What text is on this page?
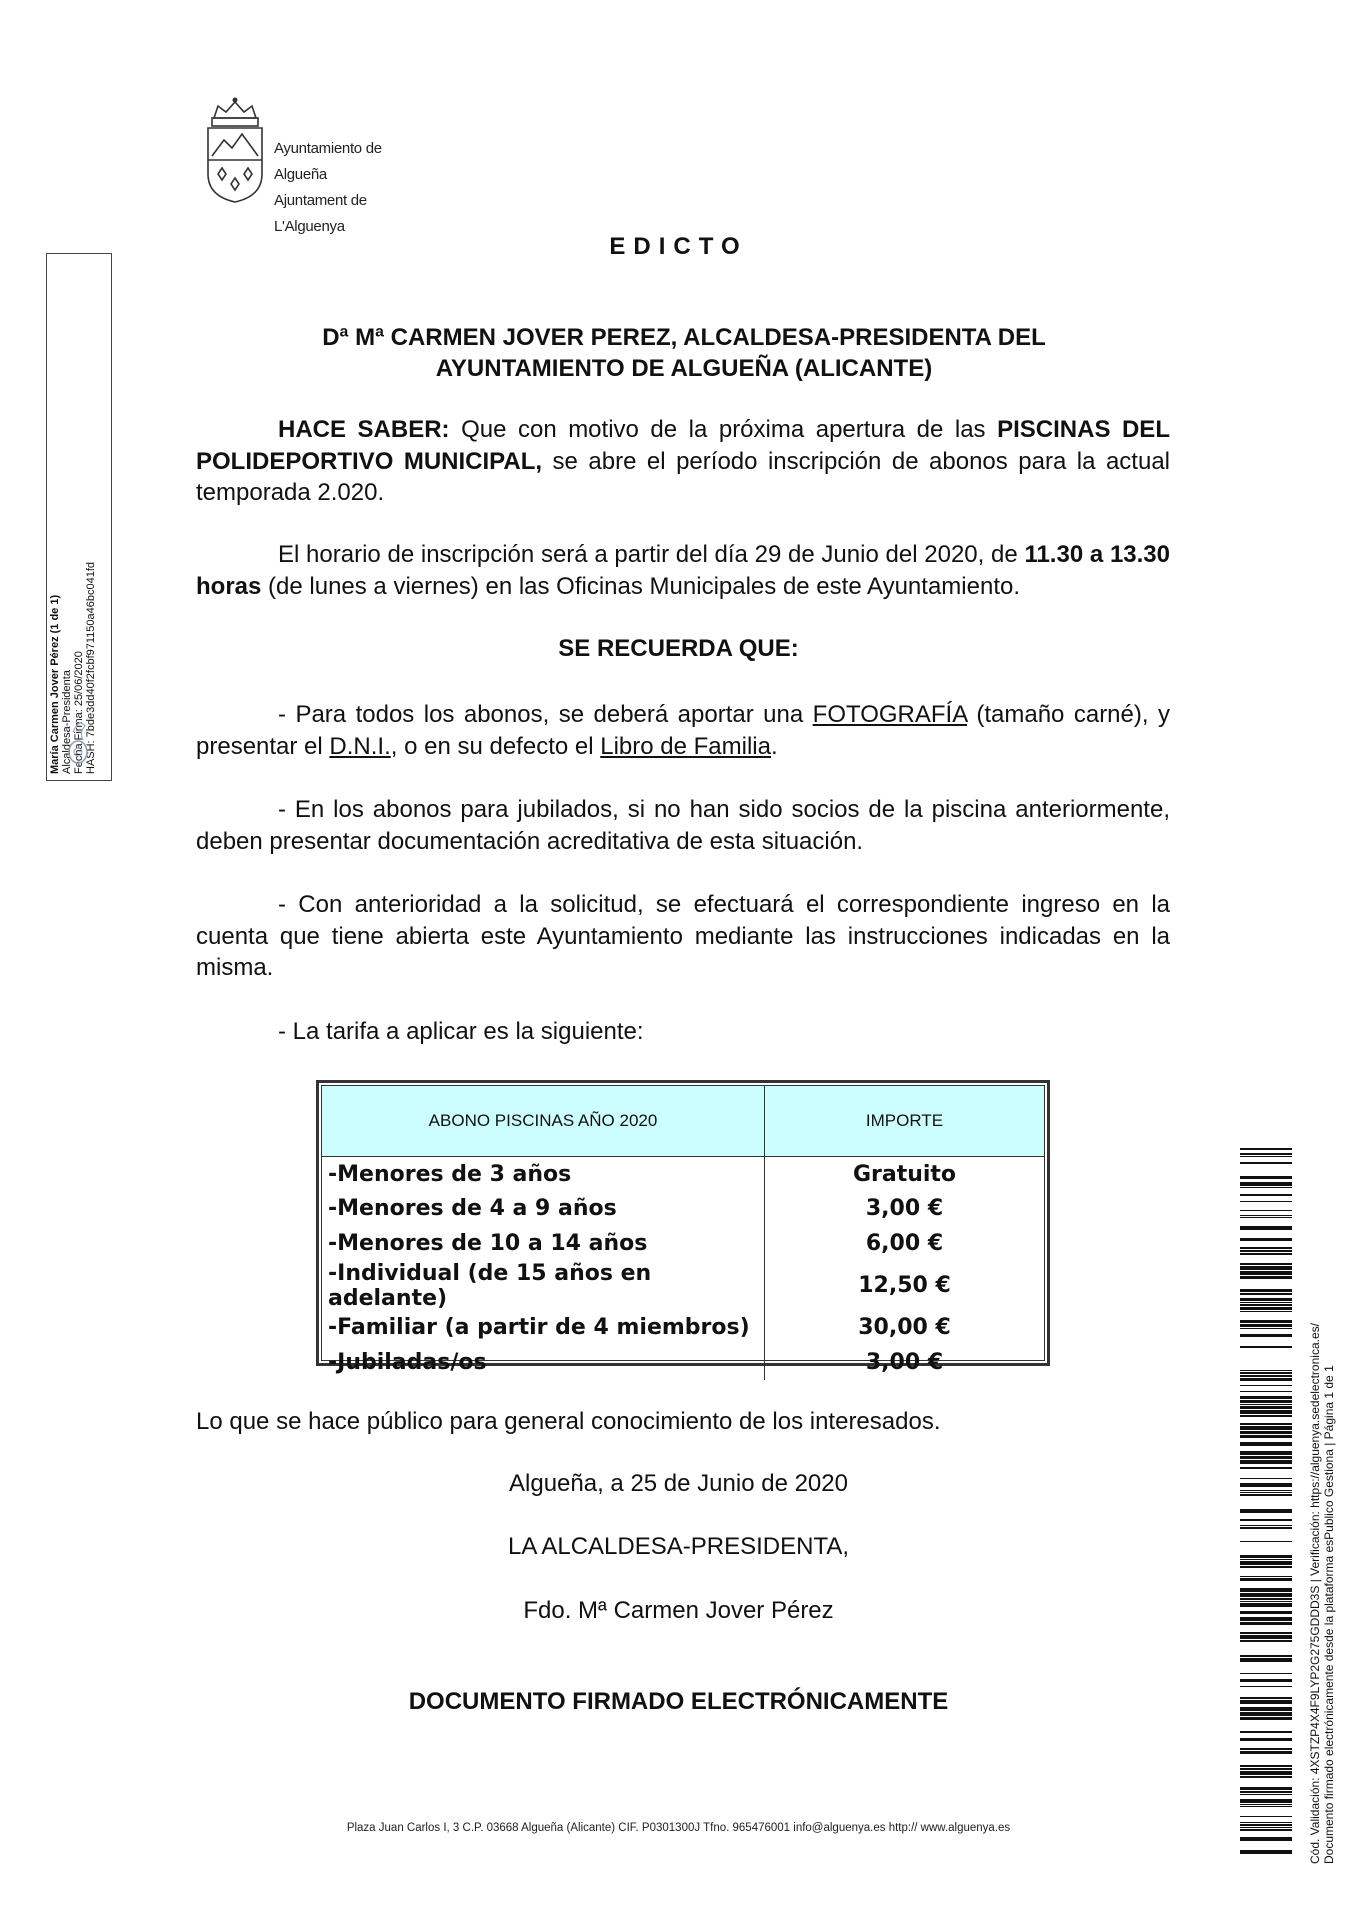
Ayuntamiento de Algueña
Ajuntament de L'Alguenya
María Carmen Jover Pérez (1 de 1) Alcaldesa-Presidenta Fecha Firma: 25/06/2020 HASH: 7bde3dd40f2fcbf971150a46bc041fd
EDICTO
Dª Mª CARMEN JOVER PEREZ, ALCALDESA-PRESIDENTA DEL
AYUNTAMIENTO DE ALGUEÑA (ALICANTE)
HACE SABER: Que con motivo de la próxima apertura de las PISCINAS DEL POLIDEPORTIVO MUNICIPAL, se abre el período inscripción de abonos para la actual temporada 2.020.
El horario de inscripción será a partir del día 29 de Junio del 2020, de 11.30 a 13.30 horas (de lunes a viernes) en las Oficinas Municipales de este Ayuntamiento.
SE RECUERDA QUE:
- Para todos los abonos, se deberá aportar una FOTOGRAFÍA (tamaño carné), y presentar el D.N.I., o en su defecto el Libro de Familia.
- En los abonos para jubilados, si no han sido socios de la piscina anteriormente, deben presentar documentación acreditativa de esta situación.
- Con anterioridad a la solicitud, se efectuará el correspondiente ingreso en la cuenta que tiene abierta este Ayuntamiento mediante las instrucciones indicadas en la misma.
- La tarifa a aplicar es la siguiente:
ABONO PISCINAS AÑO 2020	IMPORTE
-Menores de 3 años	Gratuito
-Menores de 4 a 9 años	3,00 €
-Menores de 10 a 14 años	6,00 €
-Individual (de 15 años en adelante)	12,50 €
-Familiar (a partir de 4 miembros)	30,00 €
-Jubiladas/os	3,00 €
Lo que se hace público para general conocimiento de los interesados.
Algueña, a 25 de Junio de 2020
LA ALCALDESA-PRESIDENTA,
Fdo. Mª Carmen Jover Pérez
DOCUMENTO FIRMADO ELECTRÓNICAMENTE	Cód. Validación: 4XSTZP4X4F9LYP2G275GDDD3S | Verificación: https://alguenya.sedelectronica.es/ Documento firmado electrónicamente desde la plataforma esPublico Gestiona | Página 1 de 1
Plaza Juan Carlos I, 3 C.P. 03668 Algueña (Alicante) CIF. P0301300J Tfno. 965476001 info@alguenya.es http:// www.alguenya.es
